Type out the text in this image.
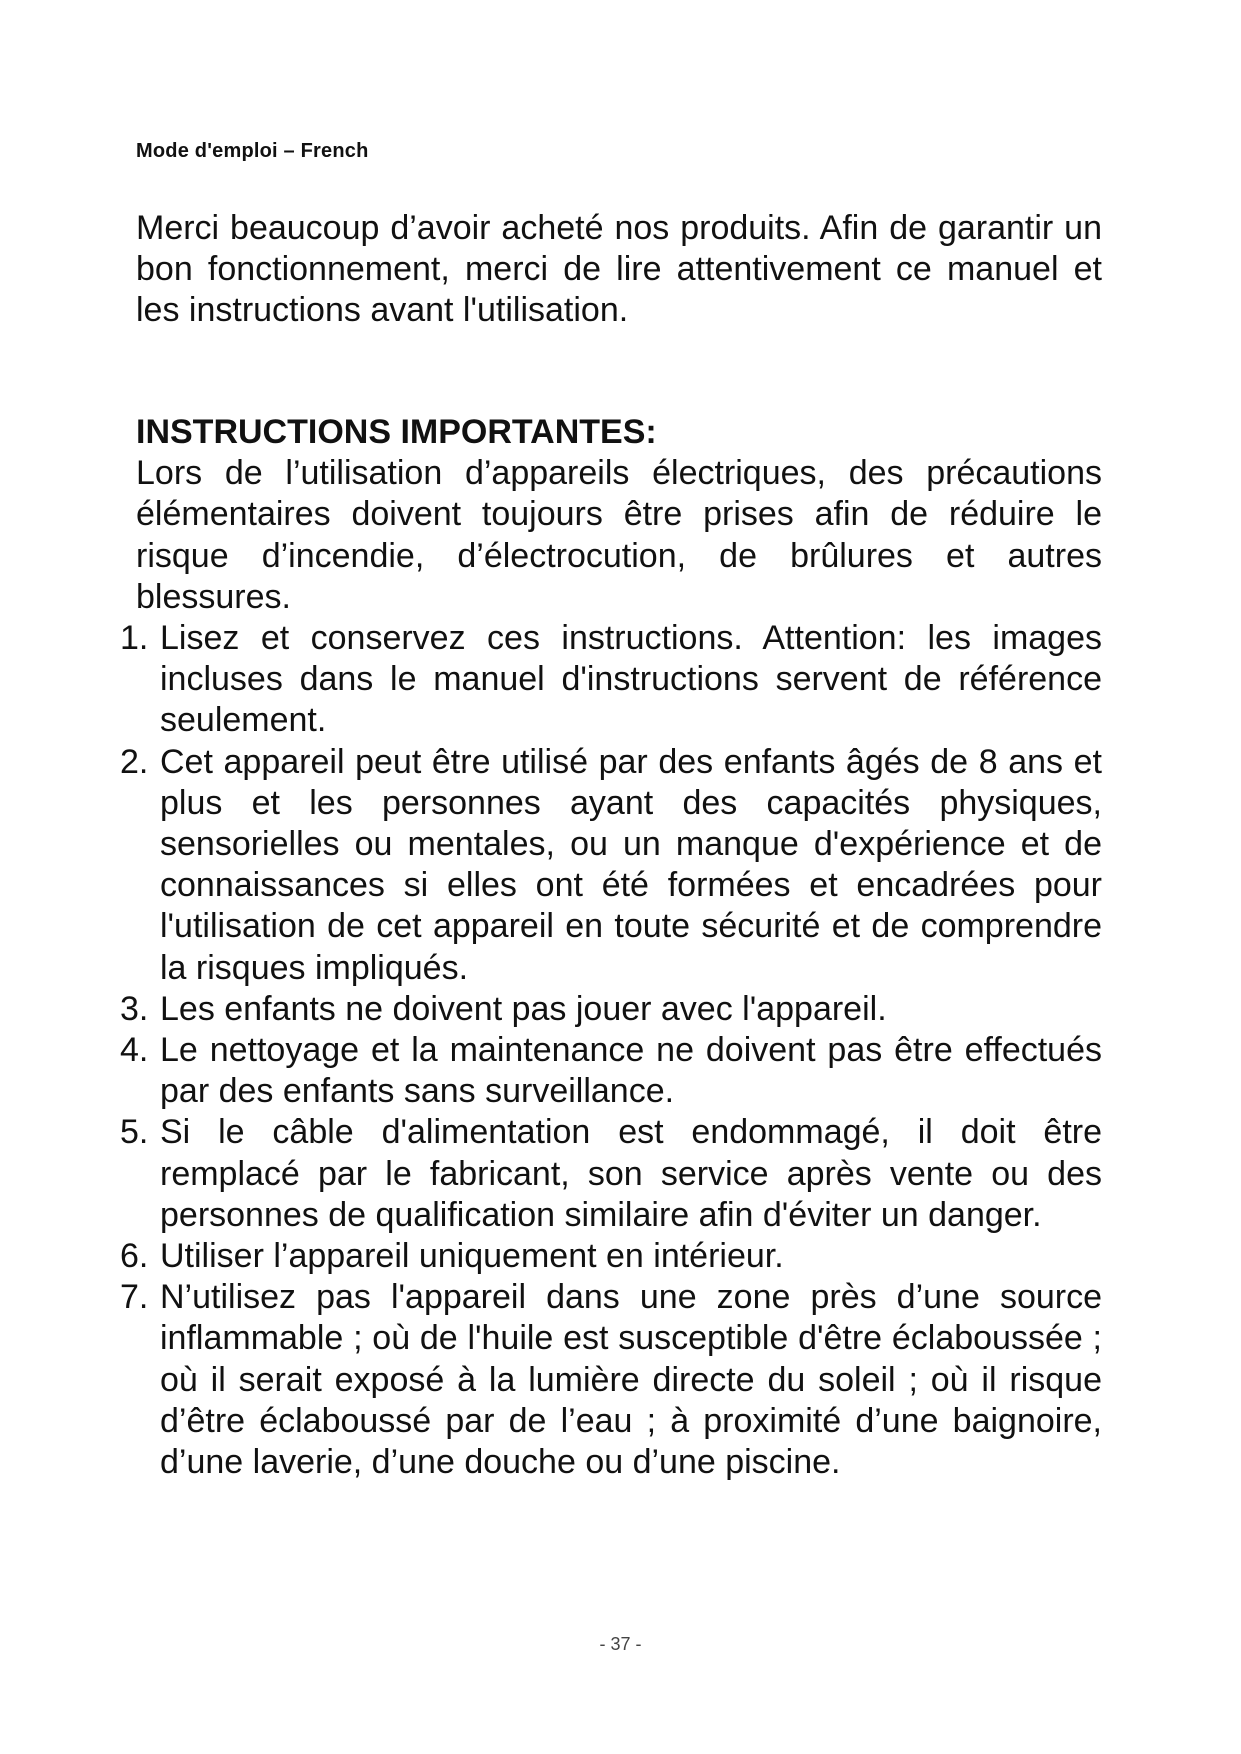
Mode d'emploi – French
Merci beaucoup d’avoir acheté nos produits. Afin de garantir un bon fonctionnement, merci de lire attentivement ce manuel et les instructions avant l'utilisation.
INSTRUCTIONS IMPORTANTES:
Lors de l’utilisation d’appareils électriques, des précautions élémentaires doivent toujours être prises afin de réduire le risque d’incendie, d’électrocution, de brûlures et autres blessures.
1. Lisez et conservez ces instructions. Attention: les images incluses dans le manuel d'instructions servent de référence seulement.
2. Cet appareil peut être utilisé par des enfants âgés de 8 ans et plus et les personnes ayant des capacités physiques, sensorielles ou mentales, ou un manque d'expérience et de connaissances si elles ont été formées et encadrées pour l'utilisation de cet appareil en toute sécurité et de comprendre la risques impliqués.
3. Les enfants ne doivent pas jouer avec l'appareil.
4. Le nettoyage et la maintenance ne doivent pas être effectués par des enfants sans surveillance.
5. Si le câble d'alimentation est endommagé, il doit être remplacé par le fabricant, son service après vente ou des personnes de qualification similaire afin d'éviter un danger.
6. Utiliser l’appareil uniquement en intérieur.
7. N’utilisez pas l'appareil dans une zone près d’une source inflammable ; où de l'huile est susceptible d'être éclaboussée ; où il serait exposé à la lumière directe du soleil ; où il risque d’être éclaboussé par de l’eau ; à proximité d’une baignoire, d’une laverie, d’une douche ou d’une piscine.
- 37 -
